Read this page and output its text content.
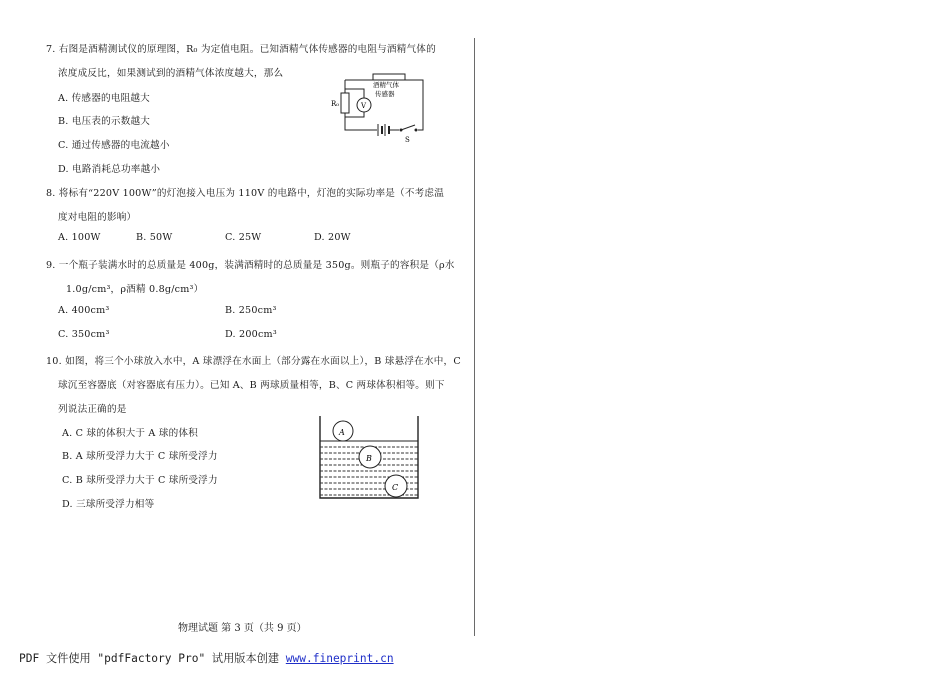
7. 右图是酒精测试仪的原理图，R₀ 为定值电阻。已知酒精气体传感器的电阻与酒精气体的
浓度成反比，如果测试到的酒精气体浓度越大，那么
A. 传感器的电阻越大
B. 电压表的示数越大
C. 通过传感器的电流越小
D. 电路消耗总功率越小
R₀	V
酒精气体
传感器
S
8. 将标有“220V 100W”的灯泡接入电压为 110V 的电路中，灯泡的实际功率是（不考虑温
度对电阻的影响）
A. 100W	B. 50W	C. 25W	D. 20W
9. 一个瓶子装满水时的总质量是 400g，装满酒精时的总质量是 350g。则瓶子的容积是（ρ水
1.0g/cm³，ρ酒精 0.8g/cm³）
A. 400cm³	B. 250cm³
C. 350cm³	D. 200cm³
10. 如图，将三个小球放入水中，A 球漂浮在水面上（部分露在水面以上），B 球悬浮在水中，C
球沉至容器底（对容器底有压力）。已知 A、B 两球质量相等，B、C 两球体积相等。则下
列说法正确的是
A. C 球的体积大于 A 球的体积
B. A 球所受浮力大于 C 球所受浮力
C. B 球所受浮力大于 C 球所受浮力
D. 三球所受浮力相等
A
B
C
物理试题 第 3 页（共 9 页）
PDF 文件使用 "pdfFactory Pro" 试用版本创建 www.fineprint.cn
